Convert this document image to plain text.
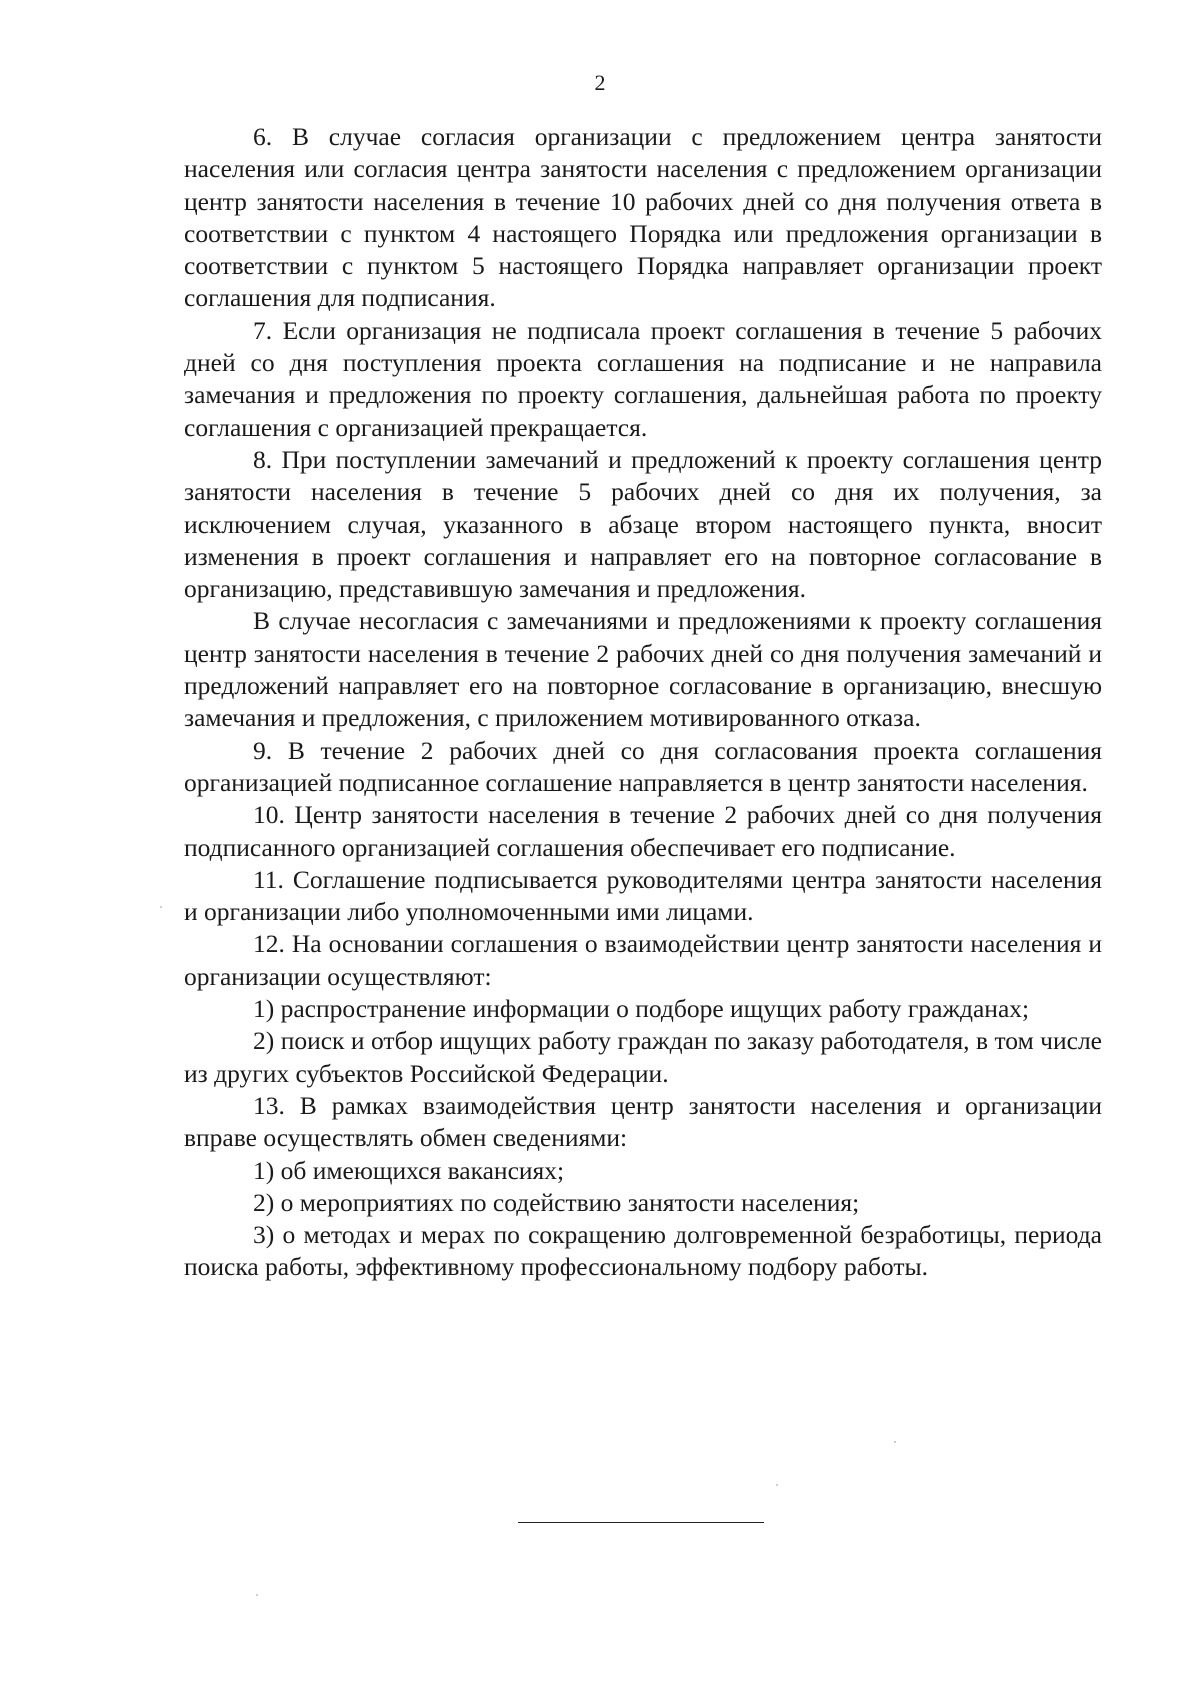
2

6. В случае согласия организации с предложением центра занятости населения или согласия центра занятости населения с предложением организации центр занятости населения в течение 10 рабочих дней со дня получения ответа в соответствии с пунктом 4 настоящего Порядка или предложения организации в соответствии с пунктом 5 настоящего Порядка направляет организации проект соглашения для подписания.

7. Если организация не подписала проект соглашения в течение 5 рабочих дней со дня поступления проекта соглашения на подписание и не направила замечания и предложения по проекту соглашения, дальнейшая работа по проекту соглашения с организацией прекращается.

8. При поступлении замечаний и предложений к проекту соглашения центр занятости населения в течение 5 рабочих дней со дня их получения, за исключением случая, указанного в абзаце втором настоящего пункта, вносит изменения в проект соглашения и направляет его на повторное согласование в организацию, представившую замечания и предложения.

В случае несогласия с замечаниями и предложениями к проекту соглашения центр занятости населения в течение 2 рабочих дней со дня получения замечаний и предложений направляет его на повторное согласование в организацию, внесшую замечания и предложения, с приложением мотивированного отказа.

9. В течение 2 рабочих дней со дня согласования проекта соглашения организацией подписанное соглашение направляется в центр занятости населения.

10. Центр занятости населения в течение 2 рабочих дней со дня получения подписанного организацией соглашения обеспечивает его подписание.

11. Соглашение подписывается руководителями центра занятости населения и организации либо уполномоченными ими лицами.

12. На основании соглашения о взаимодействии центр занятости населения и организации осуществляют:

1) распространение информации о подборе ищущих работу гражданах;

2) поиск и отбор ищущих работу граждан по заказу работодателя, в том числе из других субъектов Российской Федерации.

13. В рамках взаимодействия центр занятости населения и организации вправе осуществлять обмен сведениями:

1) об имеющихся вакансиях;

2) о мероприятиях по содействию занятости населения;

3) о методах и мерах по сокращению долговременной безработицы, периода поиска работы, эффективному профессиональному подбору работы.
